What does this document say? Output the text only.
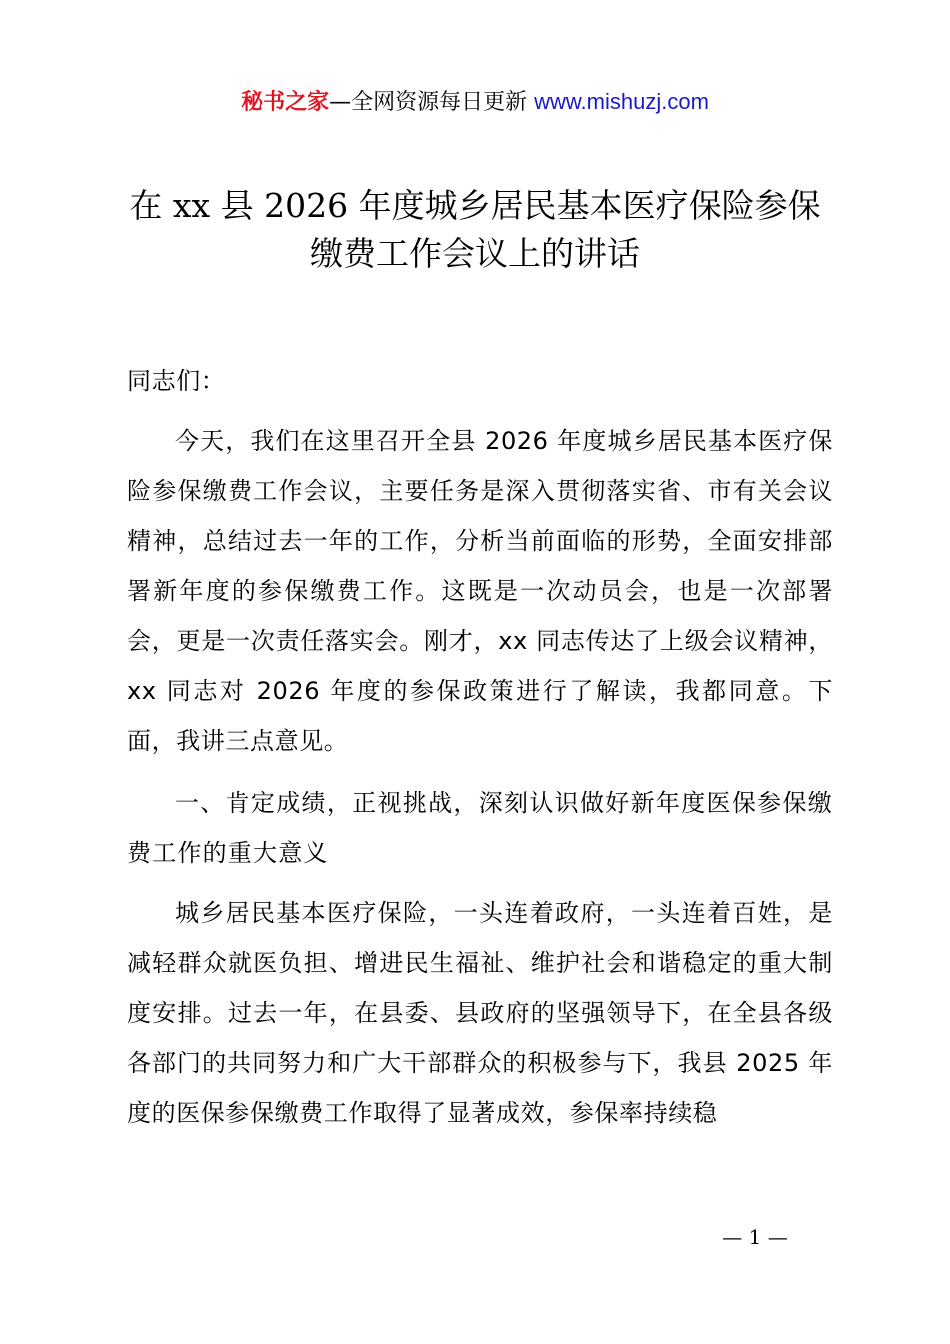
秘书之家—全网资源每日更新 www.mishuzj.com
在 xx 县 2026 年度城乡居民基本医疗保险参保
缴费工作会议上的讲话
同志们：

今天，我们在这里召开全县 2026 年度城乡居民基本医疗保险参保缴费工作会议，主要任务是深入贯彻落实省、市有关会议精神，总结过去一年的工作，分析当前面临的形势，全面安排部署新年度的参保缴费工作。这既是一次动员会，也是一次部署会，更是一次责任落实会。刚才，xx 同志传达了上级会议精神，xx 同志对 2026 年度的参保政策进行了解读，我都同意。下面，我讲三点意见。

一、肯定成绩，正视挑战，深刻认识做好新年度医保参保缴费工作的重大意义

城乡居民基本医疗保险，一头连着政府，一头连着百姓，是减轻群众就医负担、增进民生福祉、维护社会和谐稳定的重大制度安排。过去一年，在县委、县政府的坚强领导下，在全县各级各部门的共同努力和广大干部群众的积极参与下，我县 2025 年度的医保参保缴费工作取得了显著成效，参保率持续稳

— 1 —
